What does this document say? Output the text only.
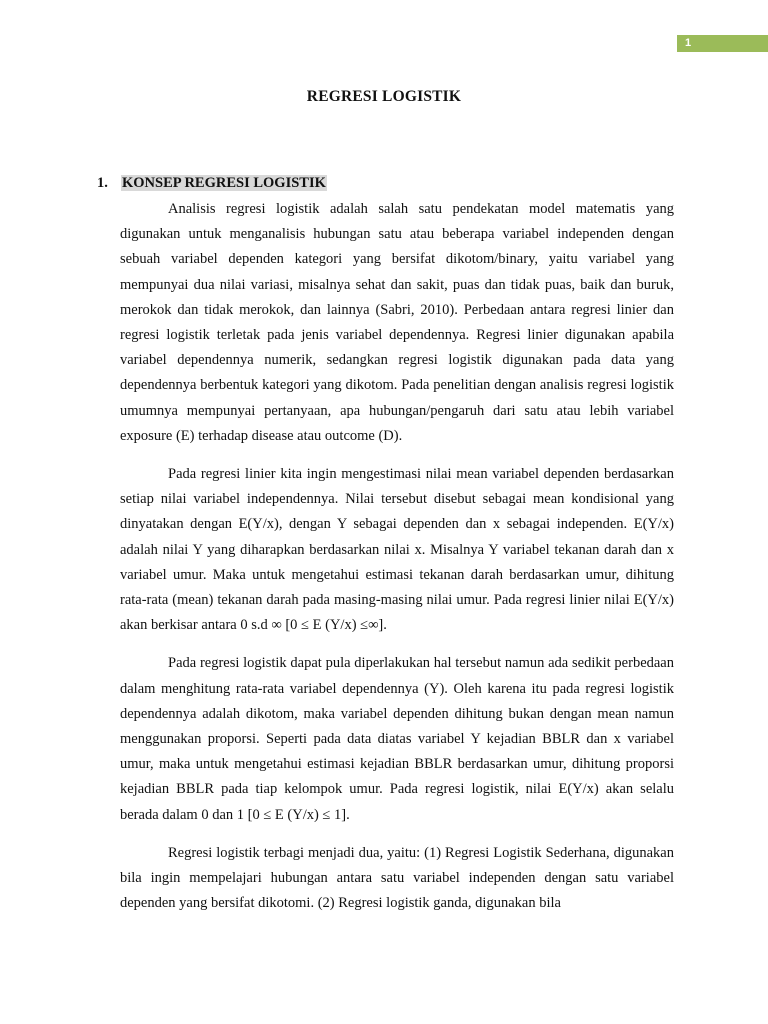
1
REGRESI LOGISTIK
1. KONSEP REGRESI LOGISTIK

Analisis regresi logistik adalah salah satu pendekatan model matematis yang digunakan untuk menganalisis hubungan satu atau beberapa variabel independen dengan sebuah variabel dependen kategori yang bersifat dikotom/binary, yaitu variabel yang mempunyai dua nilai variasi, misalnya sehat dan sakit, puas dan tidak puas, baik dan buruk, merokok dan tidak merokok, dan lainnya (Sabri, 2010). Perbedaan antara regresi linier dan regresi logistik terletak pada jenis variabel dependennya. Regresi linier digunakan apabila variabel dependennya numerik, sedangkan regresi logistik digunakan pada data yang dependennya berbentuk kategori yang dikotom. Pada penelitian dengan analisis regresi logistik umumnya mempunyai pertanyaan, apa hubungan/pengaruh dari satu atau lebih variabel exposure (E) terhadap disease atau outcome (D).

Pada regresi linier kita ingin mengestimasi nilai mean variabel dependen berdasarkan setiap nilai variabel independennya. Nilai tersebut disebut sebagai mean kondisional yang dinyatakan dengan E(Y/x), dengan Y sebagai dependen dan x sebagai independen. E(Y/x) adalah nilai Y yang diharapkan berdasarkan nilai x. Misalnya Y variabel tekanan darah dan x variabel umur. Maka untuk mengetahui estimasi tekanan darah berdasarkan umur, dihitung rata-rata (mean) tekanan darah pada masing-masing nilai umur. Pada regresi linier nilai E(Y/x) akan berkisar antara 0 s.d ∞ [0 ≤ E (Y/x) ≤∞].

Pada regresi logistik dapat pula diperlakukan hal tersebut namun ada sedikit perbedaan dalam menghitung rata-rata variabel dependennya (Y). Oleh karena itu pada regresi logistik dependennya adalah dikotom, maka variabel dependen dihitung bukan dengan mean namun menggunakan proporsi. Seperti pada data diatas variabel Y kejadian BBLR dan x variabel umur, maka untuk mengetahui estimasi kejadian BBLR berdasarkan umur, dihitung proporsi kejadian BBLR pada tiap kelompok umur. Pada regresi logistik, nilai E(Y/x) akan selalu berada dalam 0 dan 1 [0 ≤ E (Y/x) ≤ 1].

Regresi logistik terbagi menjadi dua, yaitu: (1) Regresi Logistik Sederhana, digunakan bila ingin mempelajari hubungan antara satu variabel independen dengan satu variabel dependen yang bersifat dikotomi. (2) Regresi logistik ganda, digunakan bila
